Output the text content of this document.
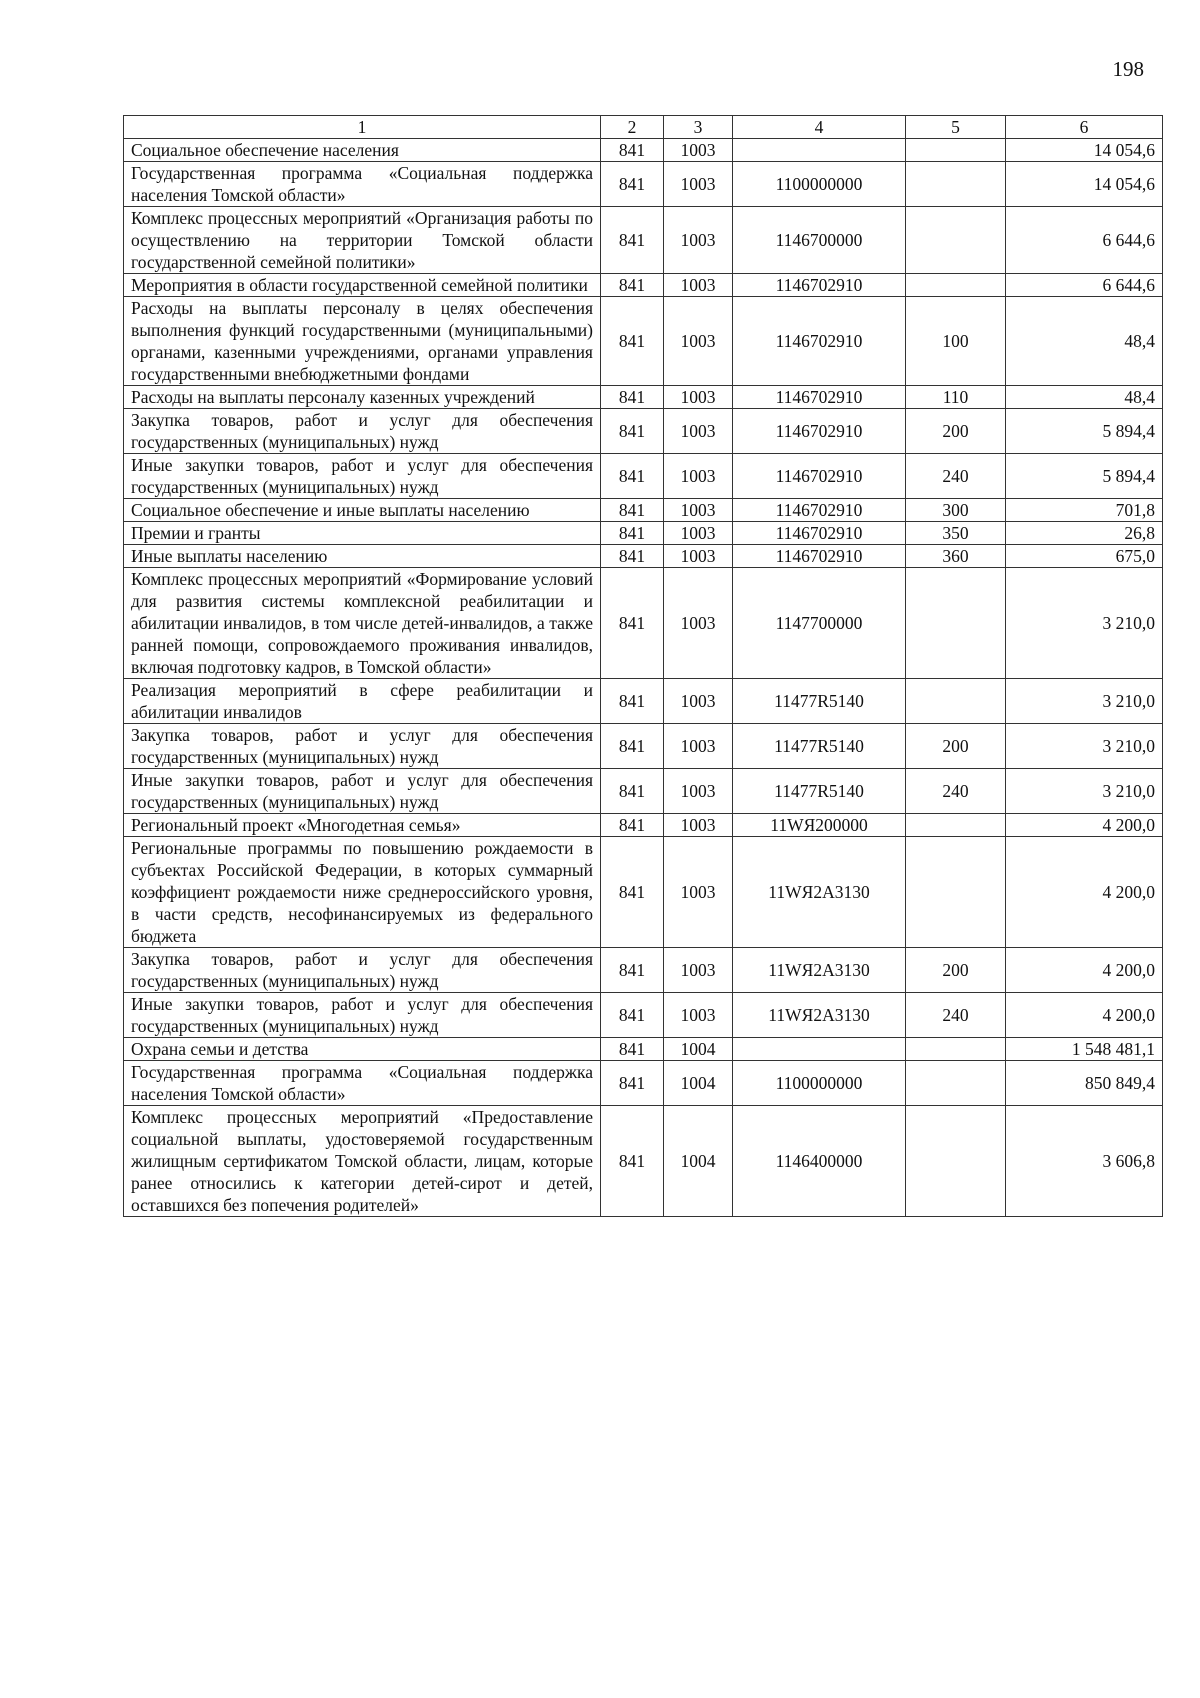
198
1	2	3	4	5	6
Социальное обеспечение населения	841	1003			14 054,6
Государственная программа «Социальная поддержка населения Томской области»	841	1003	1100000000		14 054,6
Комплекс процессных мероприятий «Организация работы по осуществлению на территории Томской области государственной семейной политики»	841	1003	1146700000		6 644,6
Мероприятия в области государственной семейной политики	841	1003	1146702910		6 644,6
Расходы на выплаты персоналу в целях обеспечения выполнения функций государственными (муниципальными) органами, казенными учреждениями, органами управления государственными внебюджетными фондами	841	1003	1146702910	100	48,4
Расходы на выплаты персоналу казенных учреждений	841	1003	1146702910	110	48,4
Закупка товаров, работ и услуг для обеспечения государственных (муниципальных) нужд	841	1003	1146702910	200	5 894,4
Иные закупки товаров, работ и услуг для обеспечения государственных (муниципальных) нужд	841	1003	1146702910	240	5 894,4
Социальное обеспечение и иные выплаты населению	841	1003	1146702910	300	701,8
Премии и гранты	841	1003	1146702910	350	26,8
Иные выплаты населению	841	1003	1146702910	360	675,0
Комплекс процессных мероприятий «Формирование условий для развития системы комплексной реабилитации и абилитации инвалидов, в том числе детей-инвалидов, а также ранней помощи, сопровождаемого проживания инвалидов, включая подготовку кадров, в Томской области»	841	1003	1147700000		3 210,0
Реализация мероприятий в сфере реабилитации и абилитации инвалидов	841	1003	11477R5140		3 210,0
Закупка товаров, работ и услуг для обеспечения государственных (муниципальных) нужд	841	1003	11477R5140	200	3 210,0
Иные закупки товаров, работ и услуг для обеспечения государственных (муниципальных) нужд	841	1003	11477R5140	240	3 210,0
Региональный проект «Многодетная семья»	841	1003	11WЯ200000		4 200,0
Региональные программы по повышению рождаемости в субъектах Российской Федерации, в которых суммарный коэффициент рождаемости ниже среднероссийского уровня, в части средств, несофинансируемых из федерального бюджета	841	1003	11WЯ2A3130		4 200,0
Закупка товаров, работ и услуг для обеспечения государственных (муниципальных) нужд	841	1003	11WЯ2A3130	200	4 200,0
Иные закупки товаров, работ и услуг для обеспечения государственных (муниципальных) нужд	841	1003	11WЯ2A3130	240	4 200,0
Охрана семьи и детства	841	1004			1 548 481,1
Государственная программа «Социальная поддержка населения Томской области»	841	1004	1100000000		850 849,4
Комплекс процессных мероприятий «Предоставление социальной выплаты, удостоверяемой государственным жилищным сертификатом Томской области, лицам, которые ранее относились к категории детей-сирот и детей, оставшихся без попечения родителей»	841	1004	1146400000		3 606,8
